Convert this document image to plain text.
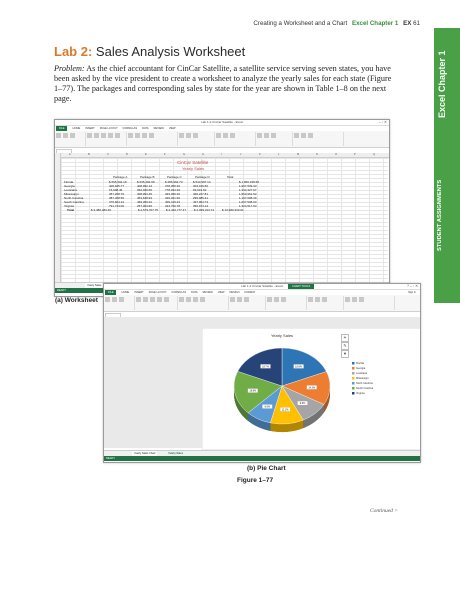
Creating a Worksheet and a Chart Excel Chapter 1 EX 61
Excel Chapter 1
STUDENT ASSIGNMENTS
Lab 2: Sales Analysis Worksheet
Problem: As the chief accountant for CinCar Satellite, a satellite service serving seven states, you have been asked by the vice president to create a worksheet to analyze the yearly sales for each state (Figure 1–77). The packages and corresponding sales by state for the year are shown in Table 1–8 on the next page.
Lab 1-2 CinCar Satellite - Excel	– ▫ ✕
FILE	HOME INSERT PAGE LAYOUT FORMULAS DATA REVIEW VIEW
CinCar Satellite
Yearly Sales
Package A	Package B	Package C	Package D	Total
Total	$ 3,480,483.46	$ 2,579,707.75	$ 2,420,777.47	$ 2,099,313.74	$ 13,980,333.01
Yearly Sales
READY
A	B	C	D	E	F	G	H	I	J	K	L	M	N	O	P	Q
Florida	$ 665,004.19	$ 635,492.99	$ 286,992.73	$ 543,997.14	$ 1,866,158.66
Georgia	406,925.77	408,992.14	378,359.36	304,019.56	1,997,539.33
Louisiana	15,998.46	362,039.65	778,934.29	69,619.62	1,334,327.97
Mississippi	357,208.79	408,993.45	393,099.46	466,227.81	1,563,961.52
North Carolina	387,408.56	453,648.93	326,321.66	299,985.41	1,197,008.39
South Carolina	376,604.14	469,399.22	409,419.23	497,964.73	1,607,538.03
Virginia	791,744.00	257,003.66	334,799.78	356,974.14	1,324,517.53
(a) Worksheet
Lab 1-2 CinCar Satellite - Excel	CHART TOOLS	? – ▫ ✕
FILE	HOME INSERT PAGE LAYOUT FORMULAS DATA REVIEW VIEW DESIGN FORMAT	Sign in
Yearly Sales
18.8%
14.3%
9.6%
11.2%
8.6%
18.8%
18.7%
Florida
Georgia
Louisiana
Mississippi
North Carolina
South Carolina
Virginia
+
✎
▼
Yearly Sales Chart	Yearly Sales
READY
(b) Pie Chart
Figure 1–77
Continued >
